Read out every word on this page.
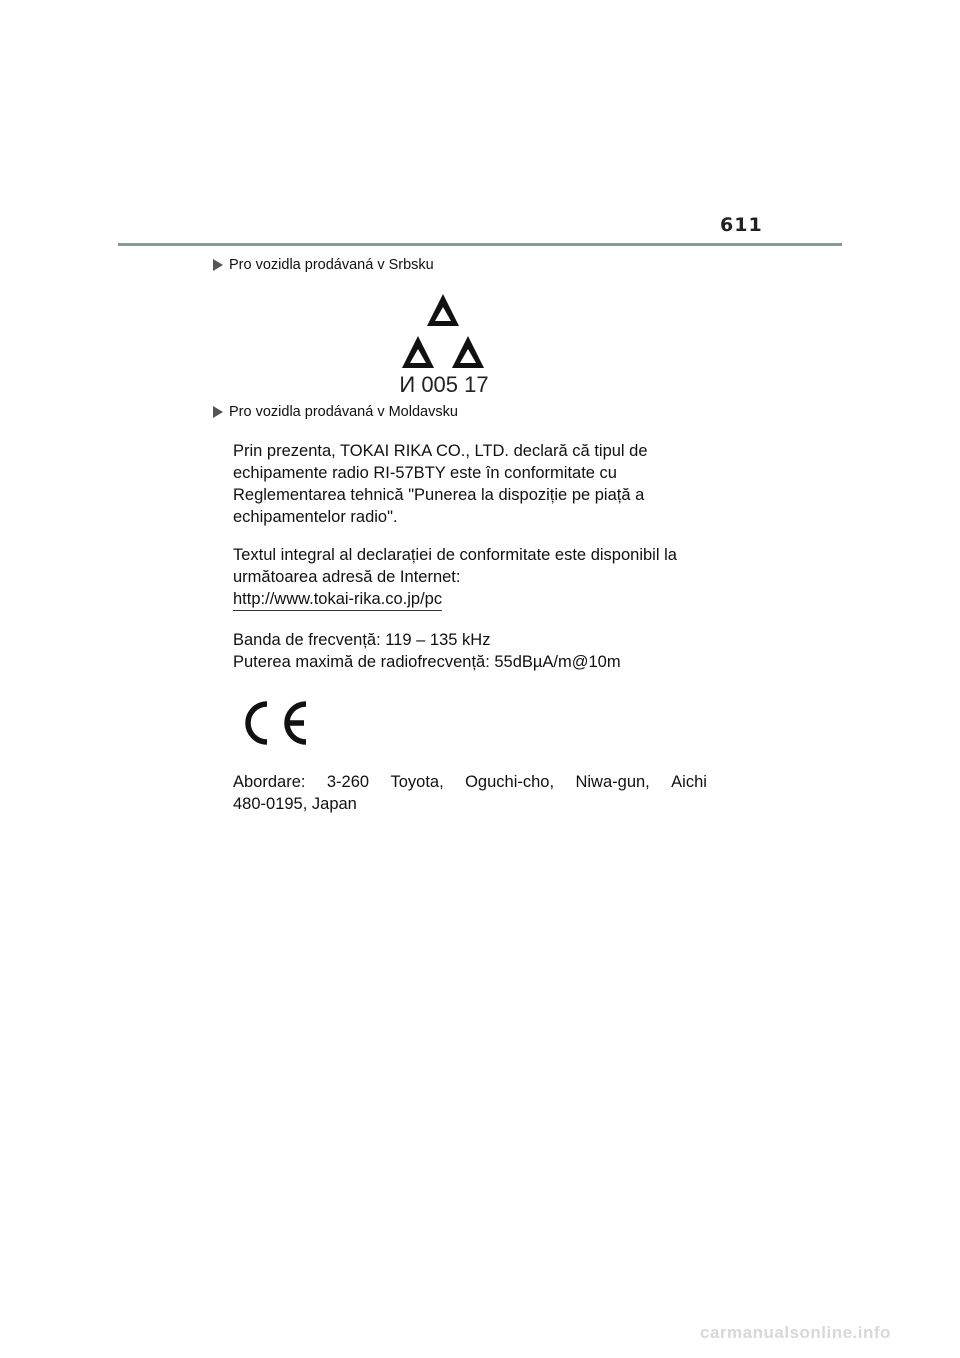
611
Pro vozidla prodávaná v Srbsku
И 005 17
Pro vozidla prodávaná v Moldavsku
Prin prezenta, TOKAI RIKA CO., LTD. declară că tipul de
echipamente radio RI-57BTY este în conformitate cu
Reglementarea tehnică "Punerea la dispoziție pe piață a
echipamentelor radio".
Textul integral al declarației de conformitate este disponibil la
următoarea adresă de Internet:
http://www.tokai-rika.co.jp/pc
Banda de frecvență: 119 – 135 kHz
Puterea maximă de radiofrecvență: 55dBµA/m@10m
Abordare: 3-260 Toyota, Oguchi-cho, Niwa-gun, Aichi
480-0195, Japan
carmanualsonline.info
